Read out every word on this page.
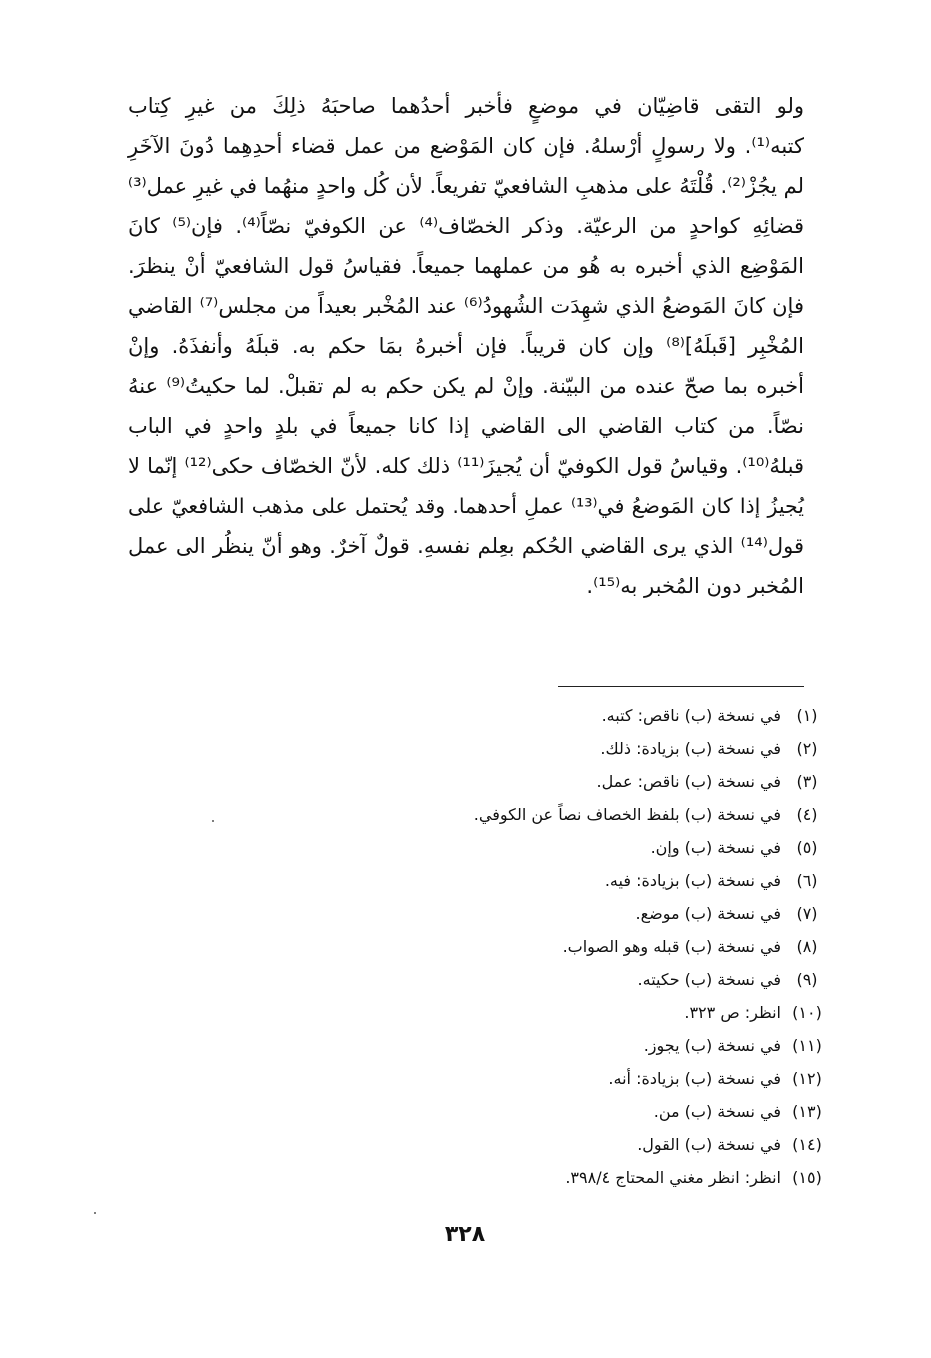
ولو التقى قاضِيّان في موضعٍ فأخبر أحدُهما صاحبَهُ ذلِكَ من غيرِ كِتاب
كتبه⁽¹⁾. ولا رسولٍ أرْسلهُ. فإن كان المَوْضع من عمل قضاء أحدِهِما دُونَ الآخَرِ
لم يجُزْ⁽²⁾. قُلْتَهُ على مذهبِ الشافعيّ تفريعاً. لأن كُل واحدٍ منهُما في غيرِ عمل⁽³⁾
قضائِهِ كواحدٍ من الرعيّة. وذكر الخصّاف⁽⁴⁾ عن الكوفيّ نصّاً⁽⁴⁾. فإن⁽⁵⁾ كانَ
المَوْضِع الذي أخبره به هُو من عملهما جميعاً. فقياسُ قول الشافعيّ أنْ ينظرَ.
فإن كانَ المَوضعُ الذي شهِدَت الشُهودُ⁽⁶⁾ عند المُخْبر بعيداً من مجلس⁽⁷⁾ القاضي
المُخْبِر [قَبلَهُ]⁽⁸⁾ وإن كان قريباً. فإن أخبرهُ بمَا حكم به. قبلَهُ وأنفذَهُ. وإنْ
أخبره بما صحّ عنده من البيّنة. وإنْ لم يكن حكم به لم تقبلْ. لما حكيتُ⁽⁹⁾ عنهُ
نصّاً. من كتاب القاضي الى القاضي إذا كانا جميعاً في بلدٍ واحدٍ في الباب
قبلهُ⁽¹⁰⁾. وقياسُ قول الكوفيّ أن يُجيزَ⁽¹¹⁾ ذلك كله. لأنّ الخصّاف حكى⁽¹²⁾ إنّما لا
يُجيزُ إذا كان المَوضعُ في⁽¹³⁾ عملِ أحدهما. وقد يُحتمل على مذهب الشافعيّ على
قول⁽¹⁴⁾ الذي يرى القاضي الحُكم بعِلم نفسهِ. قولٌ آخرٌ. وهو أنّ ينظُر الى عمل
المُخبر دون المُخبر به⁽¹⁵⁾.
(١)
في نسخة (ب) ناقص: كتبه.
(٢)
في نسخة (ب) بزيادة: ذلك.
(٣)
في نسخة (ب) ناقص: عمل.
(٤)
في نسخة (ب) بلفظ الخصاف نصاً عن الكوفي.
(٥)
في نسخة (ب) وإن.
(٦)
في نسخة (ب) بزيادة: فيه.
(٧)
في نسخة (ب) موضع.
(٨)
في نسخة (ب) قبله وهو الصواب.
(٩)
في نسخة (ب) حكيته.
(١٠)
انظر: ص ٣٢٣.
(١١)
في نسخة (ب) يجوز.
(١٢)
في نسخة (ب) بزيادة: أنه.
(١٣)
في نسخة (ب) من.
(١٤)
في نسخة (ب) القول.
(١٥)
انظر: انظر مغني المحتاج ٣٩٨/٤.
٣٢٨
